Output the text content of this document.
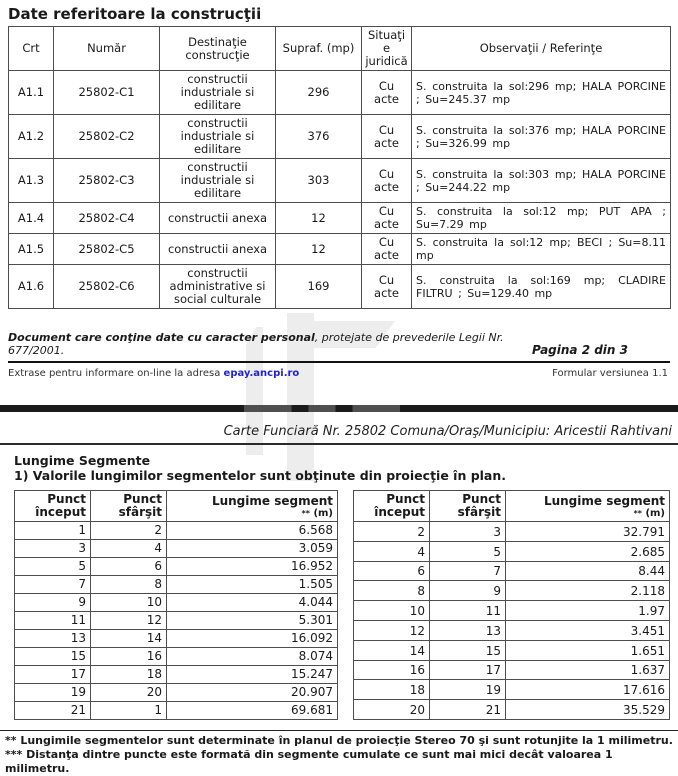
Date referitoare la construcţii
Crt	Număr	Destinaţie construcţie	Supraf. (mp)	Situaţie juridică	Observaţii / Referinţe
A1.1	25802-C1	constructii industriale si edilitare	296	Cu acte	S. construita la sol:296 mp; HALA PORCINE ; Su=245.37 mp
A1.2	25802-C2	constructii industriale si edilitare	376	Cu acte	S. construita la sol:376 mp; HALA PORCINE ; Su=326.99 mp
A1.3	25802-C3	constructii industriale si edilitare	303	Cu acte	S. construita la sol:303 mp; HALA PORCINE ; Su=244.22 mp
A1.4	25802-C4	constructii anexa	12	Cu acte	S. construita la sol:12 mp; PUT APA ; Su=7.29 mp
A1.5	25802-C5	constructii anexa	12	Cu acte	S. construita la sol:12 mp; BECI ; Su=8.11 mp
A1.6	25802-C6	constructii administrative si social culturale	169	Cu acte	S. construita la sol:169 mp; CLADIRE FILTRU ; Su=129.40 mp
Document care conţine date cu caracter personal, protejate de prevederile Legii Nr. 677/2001.	Pagina 2 din 3
Extrase pentru informare on-line la adresa epay.ancpi.ro	Formular versiunea 1.1
Carte Funciară Nr. 25802 Comuna/Oraş/Municipiu: Aricestii Rahtivani
Lungime Segmente
1) Valorile lungimilor segmentelor sunt obţinute din proiecţie în plan.
Punct
început	Punct
sfârşit	Lungime segment
** (m)

1	2	6.568
3	4	3.059
5	6	16.952
7	8	1.505
9	10	4.044
11	12	5.301
13	14	16.092
15	16	8.074
17	18	15.247
19	20	20.907
21	1	69.681
Punct
început	Punct
sfârşit	Lungime segment
** (m)

2	3	32.791
4	5	2.685
6	7	8.44
8	9	2.118
10	11	1.97
12	13	3.451
14	15	1.651
16	17	1.637
18	19	17.616
20	21	35.529
** Lungimile segmentelor sunt determinate în planul de proiecţie Stereo 70 şi sunt rotunjite la 1 milimetru.
*** Distanţa dintre puncte este formată din segmente cumulate ce sunt mai mici decât valoarea 1 milimetru.
